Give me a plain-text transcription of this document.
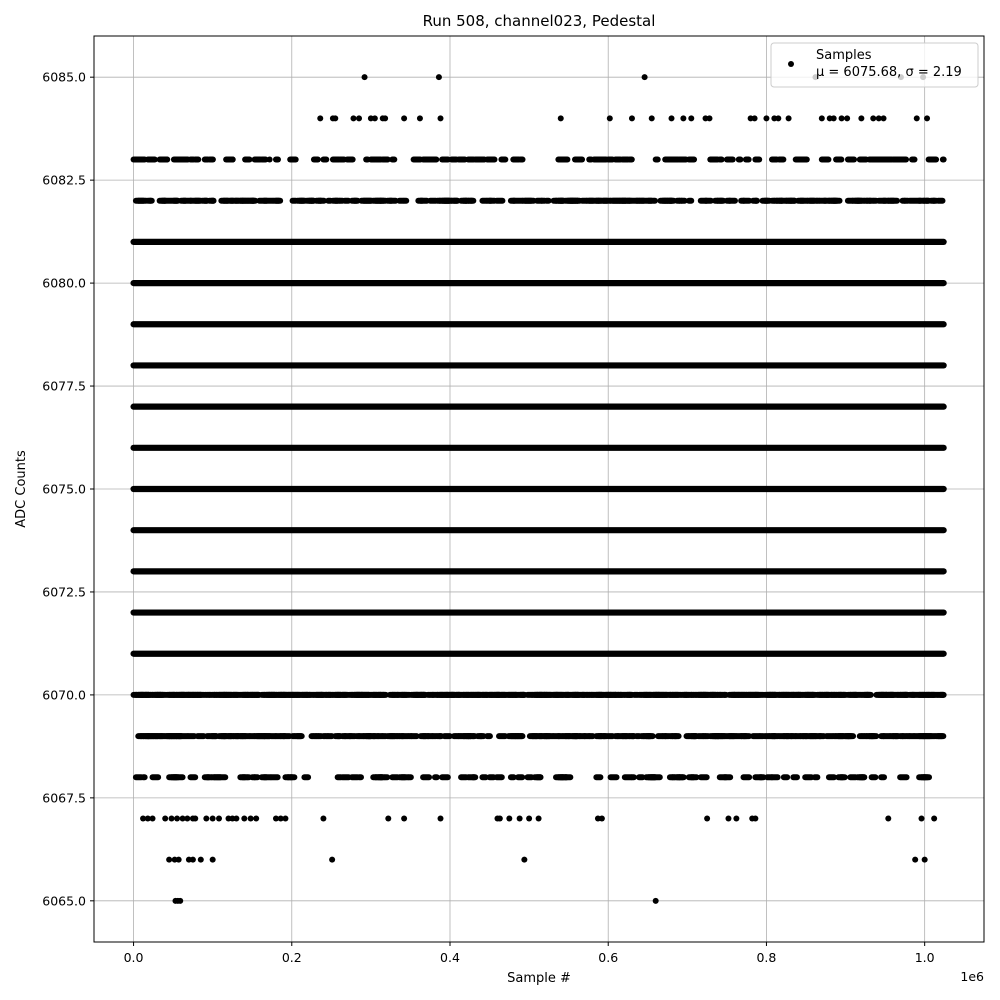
Run 508, channel023, Pedestal
0.0	0.2	0.4	0.6	0.8	1.0
6065.0
6067.5
6070.0
6072.5
6075.0
6077.5
6080.0
6082.5
6085.0
Sample #
ADC Counts
1e6
Samples
μ = 6075.68, σ = 2.19
